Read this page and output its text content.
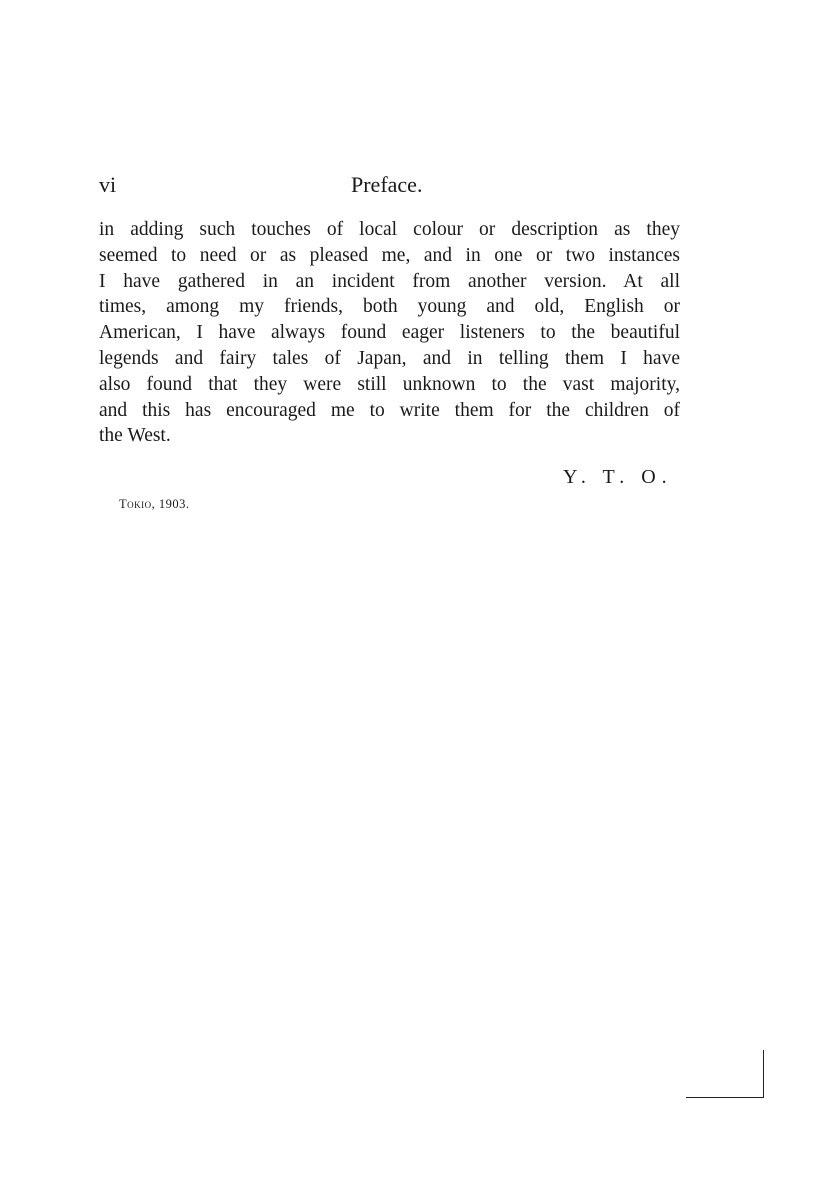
vi	Preface.
in adding such touches of local colour or description as they
seemed to need or as pleased me, and in one or two instances
I have gathered in an incident from another version. At all
times, among my friends, both young and old, English or
American, I have always found eager listeners to the beautiful
legends and fairy tales of Japan, and in telling them I have
also found that they were still unknown to the vast majority,
and this has encouraged me to write them for the children of
the West.
Y. T. O.
Tokio, 1903.
